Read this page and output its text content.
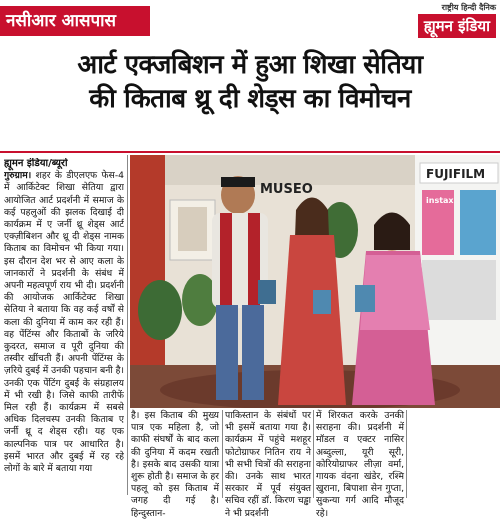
नसीआर आसपास
राष्ट्रीय हिन्दी दैनिक
ह्यूमन इंडिया
आर्ट एक्जबिशन में हुआ शिखा सेतिया
की किताब थ्रू दी शेड्स का विमोचन

ह्यूमन इंडिया/ब्यूरो

गुरुग्राम। शहर के डीएलएफ फेस-4 में आर्किटेक्ट शिखा सेतिया द्वारा आयोजित आर्ट प्रदर्शनी में समाज के कई पहलुओं की झलक दिखाई दी कार्यक्रम में ए जर्नी थ्रू शेड्स आर्ट एक्ज़ीबिशन और थ्रू दी शेड्स नामक किताब का विमोचन भी किया गया। इस दौरान देश भर से आए कला के जानकारों ने प्रदर्शनी के संबंध में अपनी महत्वपूर्ण राय भी दी। प्रदर्शनी की आयोजक आर्किटेक्ट शिखा सेतिया ने बताया कि वह कई वर्षों से कला की दुनिया में काम कर रही हैं। वह पेंटिंग्स और किताबों के जरिये कुदरत, समाज व पूरी दुनिया की तस्वीर खींचती हैं। अपनी पेंटिंग्स के ज़रिये दुबई में उनकी पहचान बनी है। उनकी एक पेंटिंग दुबई के संग्रहालय में भी रखी है। जिसे काफी तारीफें मिल रही हैं। कार्यक्रम में सबसे अधिक दिलचस्प उनकी किताब ए जर्नी थ्रू द शेड्स रही। यह एक काल्पनिक पात्र पर आधारित है। इसमें भारत और दुबई में रह रहे लोगों के बारे में बताया गया

MUSEO
FUJIFILM
instax

है। इस किताब की मुख्य पात्र एक महिला है, जो काफी संघर्षों के बाद कला की दुनिया में कदम रखती है। इसके बाद उसकी यात्रा शुरू होती है। समाज के हर पहलू को इस किताब में जगह दी गई है। हिन्दुस्तान-

पाकिस्तान के संबंधों पर भी इसमें बताया गया है। कार्यक्रम में पहुंचे मशहूर फोटोग्राफर नितिन राय ने भी सभी चित्रों की सराहना की। उनके साथ भारत सरकार में पूर्व संयुक्त सचिव रहीं डॉ. किरण चड्ढा ने भी प्रदर्शनी

में शिरकत करके उनकी सराहना की। प्रदर्शनी में मॉडल व एक्टर नासिर अब्दुल्ला, यूरी सूरी, कोरियोग्राफर लीज़ा वर्मा, गायक वंदना खंडेर, रश्मि खुराना, बिपाशा सेन गुप्ता, सुकन्या गर्ग आदि मौजूद रहे।
